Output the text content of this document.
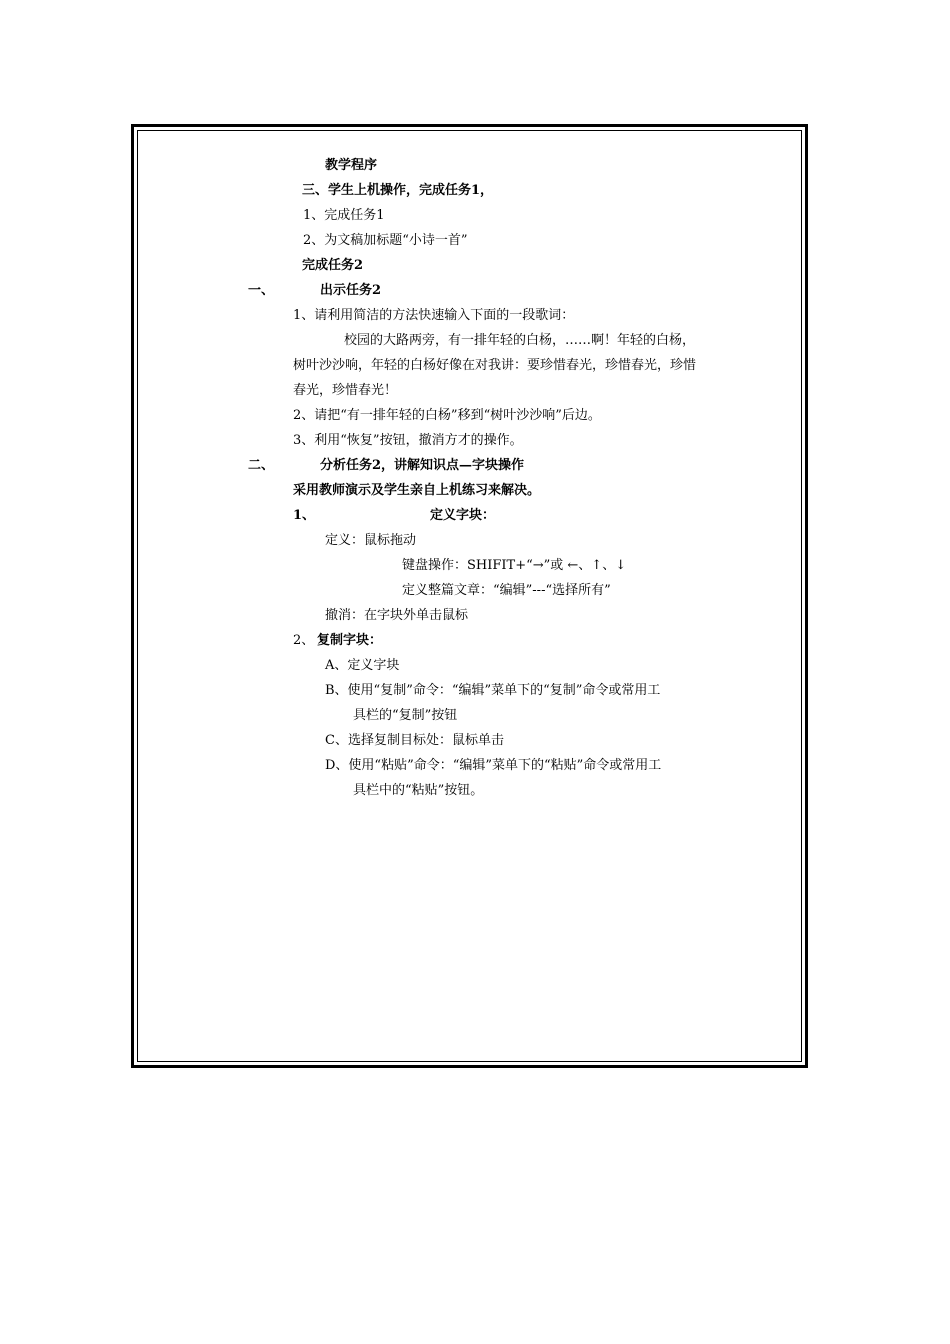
教学程序
三、学生上机操作，完成任务1，
1、完成任务1
2、为文稿加标题“小诗一首”
完成任务2
一、	出示任务2
1、请利用简洁的方法快速输入下面的一段歌词：
校园的大路两旁，有一排年轻的白杨，……啊！年轻的白杨，
树叶沙沙响，年轻的白杨好像在对我讲：要珍惜春光，珍惜春光，珍惜
春光，珍惜春光！
2、请把“有一排年轻的白杨”移到“树叶沙沙响”后边。
3、利用“恢复”按钮，撤消方才的操作。
二、	分析任务2，讲解知识点—字块操作
采用教师演示及学生亲自上机练习来解决。
1、	定义字块：
定义：鼠标拖动
键盘操作：SHIFIT+“→”或 ←、↑、↓
定义整篇文章：“编辑”---“选择所有”
撤消：在字块外单击鼠标
2、 复制字块：
A、定义字块
B、使用“复制”命令：“编辑”菜单下的“复制”命令或常用工
具栏的“复制”按钮
C、选择复制目标处：鼠标单击
D、使用“粘贴”命令：“编辑”菜单下的“粘贴”命令或常用工
具栏中的“粘贴”按钮。
